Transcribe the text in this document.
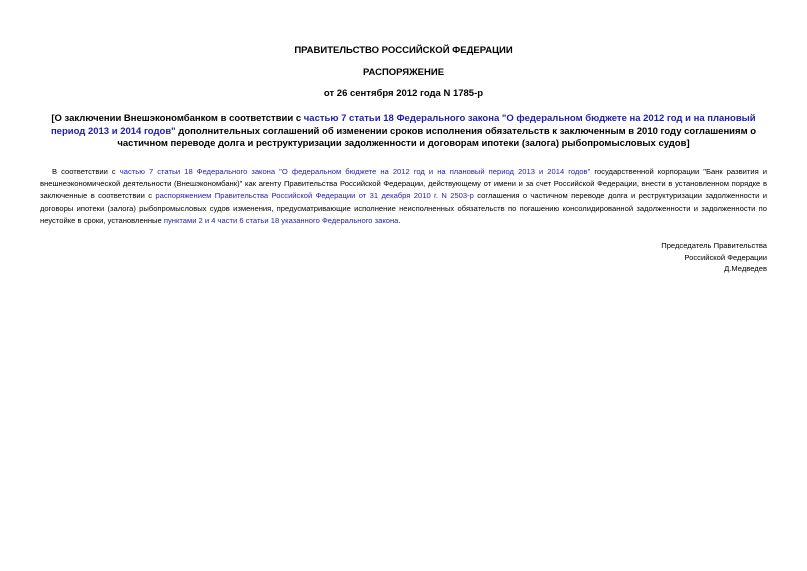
ПРАВИТЕЛЬСТВО РОССИЙСКОЙ ФЕДЕРАЦИИ
РАСПОРЯЖЕНИЕ
от 26 сентября 2012 года N 1785-р
[О заключении Внешэкономбанком в соответствии с частью 7 статьи 18 Федерального закона "О федеральном бюджете на 2012 год и на плановый период 2013 и 2014 годов" дополнительных соглашений об изменении сроков исполнения обязательств к заключенным в 2010 году соглашениям о частичном переводе долга и реструктуризации задолженности и договорам ипотеки (залога) рыбопромысловых судов]
В соответствии с частью 7 статьи 18 Федерального закона "О федеральном бюджете на 2012 год и на плановый период 2013 и 2014 годов" государственной корпорации "Банк развития и внешнеэкономической деятельности (Внешэкономбанк)" как агенту Правительства Российской Федерации, действующему от имени и за счет Российской Федерации, внести в установленном порядке в заключенные в соответствии с распоряжением Правительства Российской Федерации от 31 декабря 2010 г. N 2503-р соглашения о частичном переводе долга и реструктуризации задолженности и договоры ипотеки (залога) рыбопромысловых судов изменения, предусматривающие исполнение неисполненных обязательств по погашению консолидированной задолженности и задолженности по неустойке в сроки, установленные пунктами 2 и 4 части 6 статьи 18 указанного Федерального закона.
Председатель Правительства
Российской Федерации
Д.Медведев
